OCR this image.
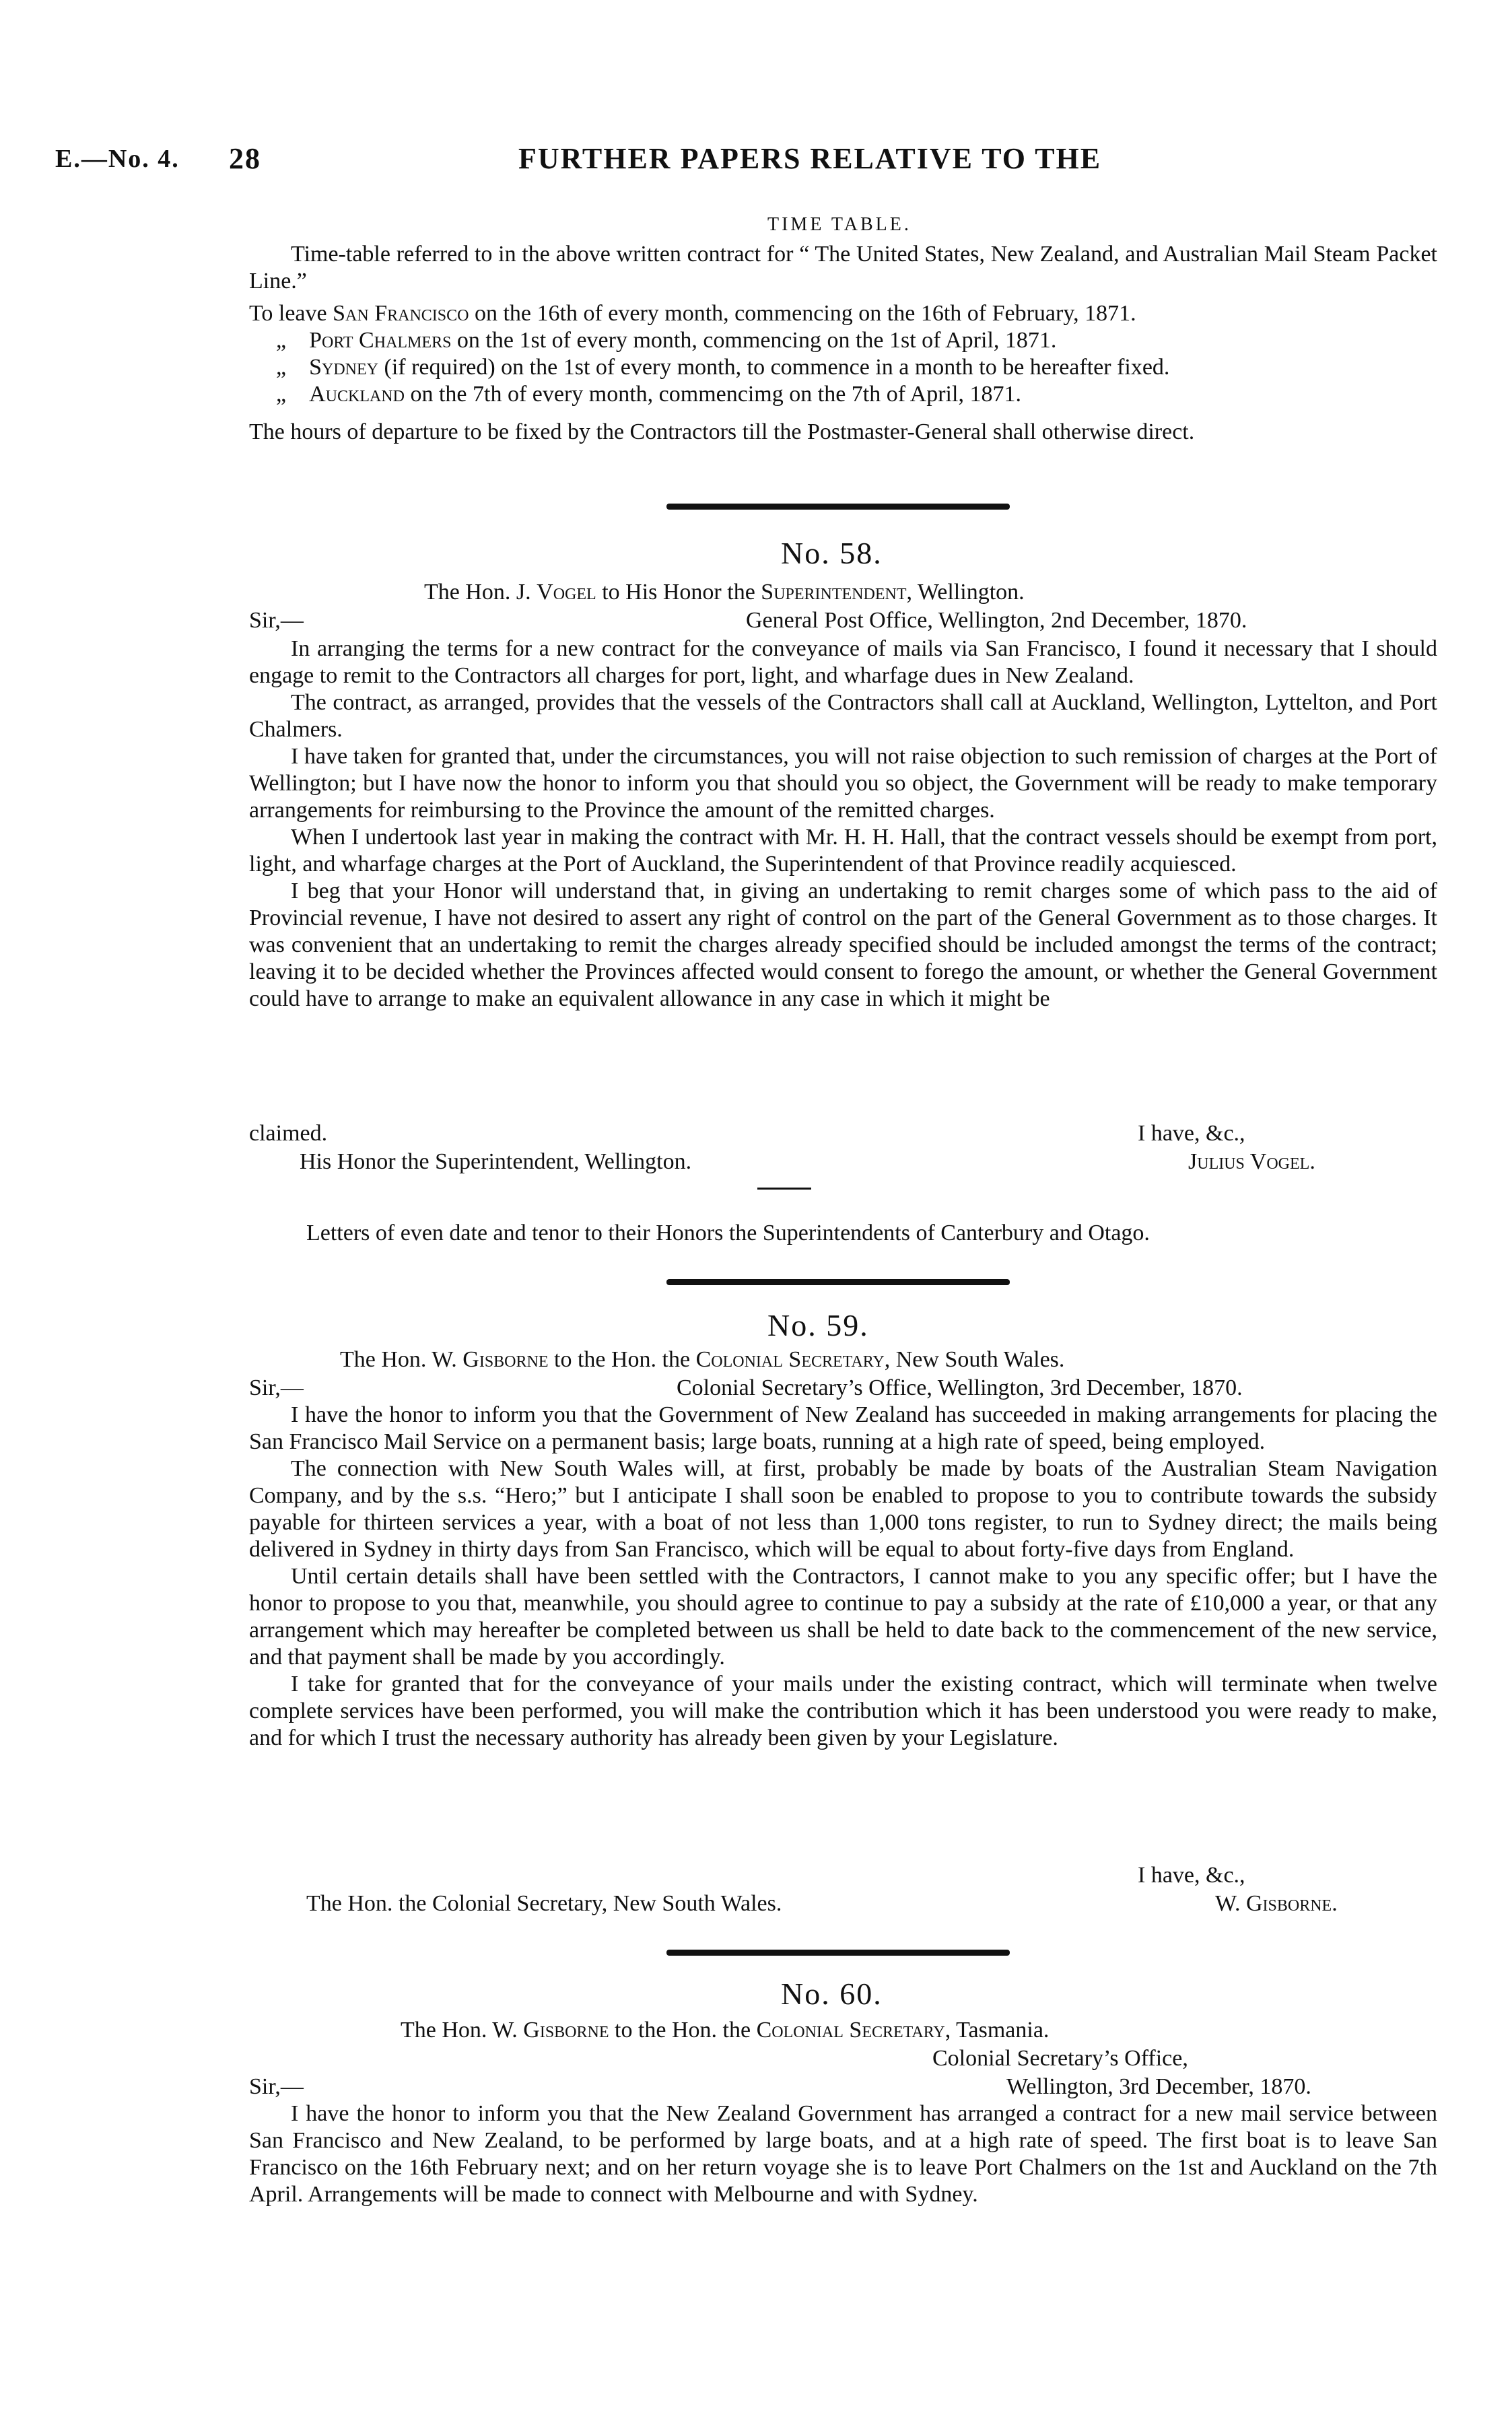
E.—No. 4. 28	FURTHER PAPERS RELATIVE TO THE
TIME TABLE.

Time-table referred to in the above written contract for “ The United States, New Zealand, and Australian Mail Steam Packet Line.”

To leave San Francisco on the 16th of every month, commencing on the 16th of February, 1871.
„ Port Chalmers on the 1st of every month, commencing on the 1st of April, 1871.
„ Sydney (if required) on the 1st of every month, to commence in a month to be hereafter fixed.
„ Auckland on the 7th of every month, commencimg on the 7th of April, 1871.

The hours of departure to be fixed by the Contractors till the Postmaster-General shall otherwise direct.

No. 58.
The Hon. J. Vogel to His Honor the Superintendent, Wellington.
Sir,—	General Post Office, Wellington, 2nd December, 1870.

In arranging the terms for a new contract for the conveyance of mails via San Francisco, I found it necessary that I should engage to remit to the Contractors all charges for port, light, and wharfage dues in New Zealand.

The contract, as arranged, provides that the vessels of the Contractors shall call at Auckland, Wellington, Lyttelton, and Port Chalmers.

I have taken for granted that, under the circumstances, you will not raise objection to such remission of charges at the Port of Wellington; but I have now the honor to inform you that should you so object, the Government will be ready to make temporary arrangements for reimbursing to the Province the amount of the remitted charges.

When I undertook last year in making the contract with Mr. H. H. Hall, that the contract vessels should be exempt from port, light, and wharfage charges at the Port of Auckland, the Superintendent of that Province readily acquiesced.

I beg that your Honor will understand that, in giving an undertaking to remit charges some of which pass to the aid of Provincial revenue, I have not desired to assert any right of control on the part of the General Government as to those charges. It was convenient that an undertaking to remit the charges already specified should be included amongst the terms of the contract; leaving it to be decided whether the Provinces affected would consent to forego the amount, or whether the General Government could have to arrange to make an equivalent allowance in any case in which it might be

claimed.	I have, &c.,
His Honor the Superintendent, Wellington.	Julius Vogel.
Letters of even date and tenor to their Honors the Superintendents of Canterbury and Otago.
No. 59.
The Hon. W. Gisborne to the Hon. the Colonial Secretary, New South Wales.
Sir,—	Colonial Secretary’s Office, Wellington, 3rd December, 1870.

I have the honor to inform you that the Government of New Zealand has succeeded in making arrangements for placing the San Francisco Mail Service on a permanent basis; large boats, running at a high rate of speed, being employed.

The connection with New South Wales will, at first, probably be made by boats of the Australian Steam Navigation Company, and by the s.s. “Hero;” but I anticipate I shall soon be enabled to propose to you to contribute towards the subsidy payable for thirteen services a year, with a boat of not less than 1,000 tons register, to run to Sydney direct; the mails being delivered in Sydney in thirty days from San Francisco, which will be equal to about forty-five days from England.

Until certain details shall have been settled with the Contractors, I cannot make to you any specific offer; but I have the honor to propose to you that, meanwhile, you should agree to continue to pay a subsidy at the rate of £10,000 a year, or that any arrangement which may hereafter be completed between us shall be held to date back to the commencement of the new service, and that payment shall be made by you accordingly.

I take for granted that for the conveyance of your mails under the existing contract, which will terminate when twelve complete services have been performed, you will make the contribution which it has been understood you were ready to make, and for which I trust the necessary authority has already been given by your Legislature.

I have, &c.,
The Hon. the Colonial Secretary, New South Wales.	W. Gisborne.
No. 60.
The Hon. W. Gisborne to the Hon. the Colonial Secretary, Tasmania.
Colonial Secretary’s Office,
Sir,—	Wellington, 3rd December, 1870.

I have the honor to inform you that the New Zealand Government has arranged a contract for a new mail service between San Francisco and New Zealand, to be performed by large boats, and at a high rate of speed. The first boat is to leave San Francisco on the 16th February next; and on her return voyage she is to leave Port Chalmers on the 1st and Auckland on the 7th April. Arrangements will be made to connect with Melbourne and with Sydney.
